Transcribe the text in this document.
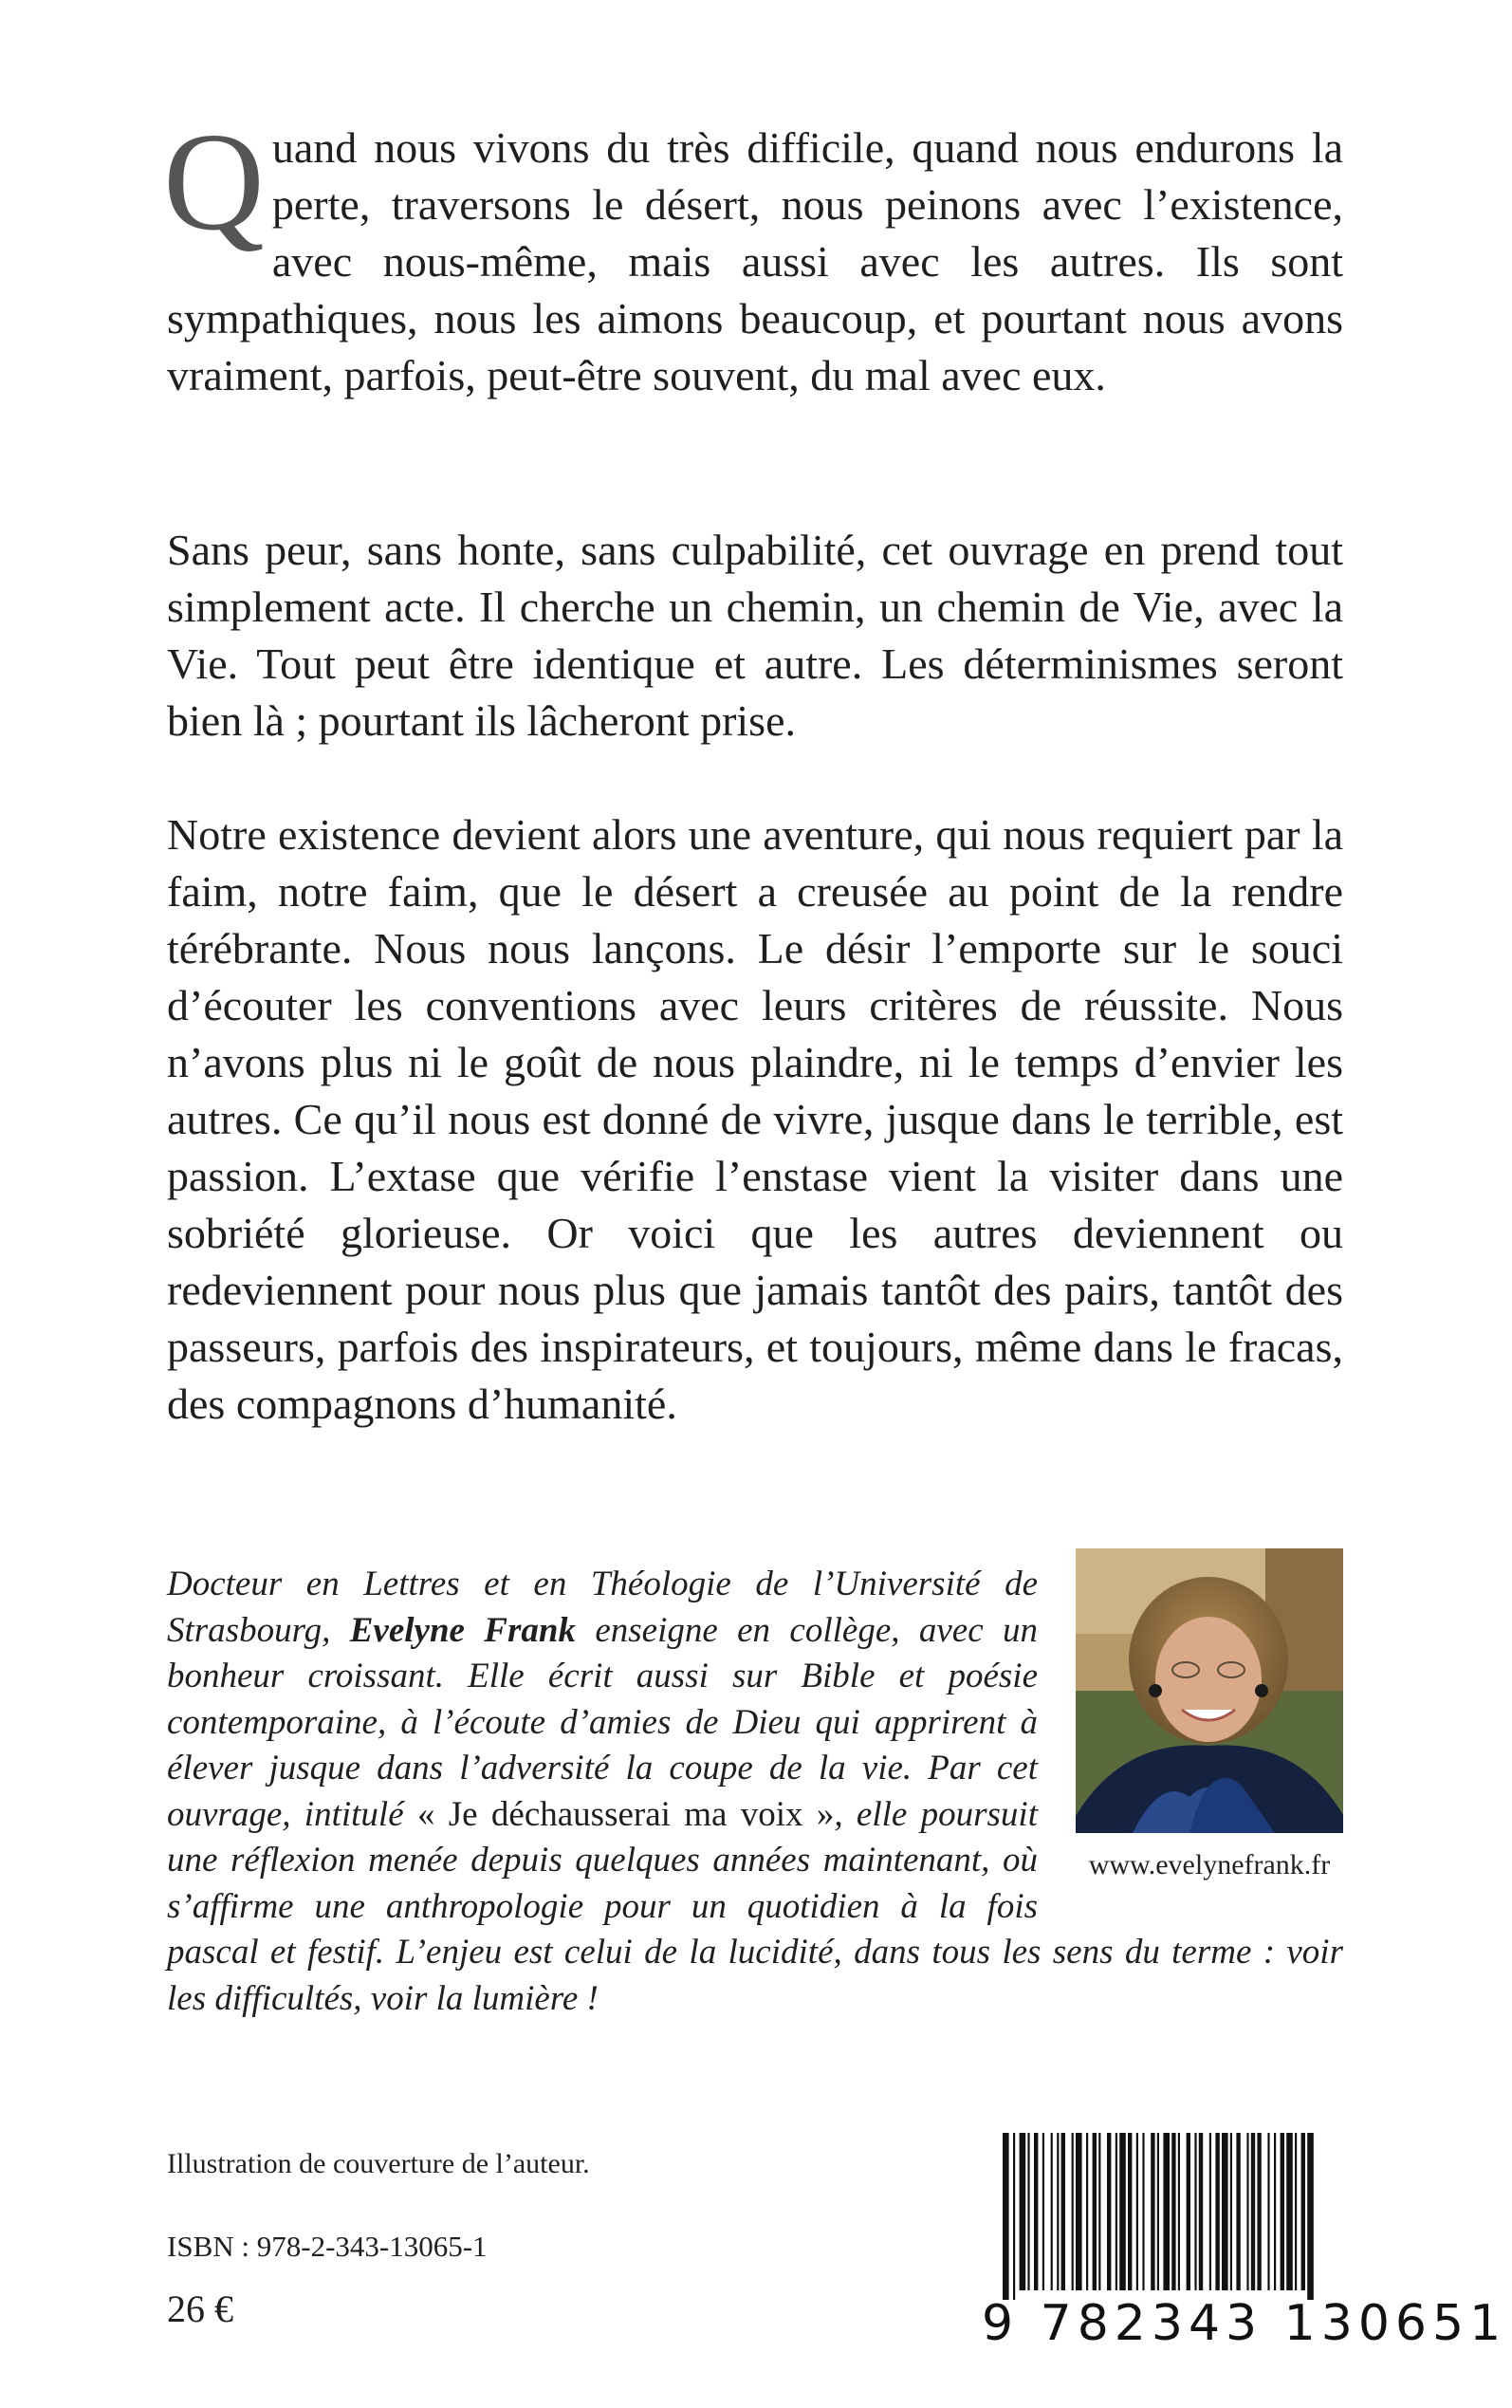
Quand nous vivons du très difficile, quand nous endurons la perte, traversons le désert, nous peinons avec l’existence, avec nous-même, mais aussi avec les autres. Ils sont sympathiques, nous les aimons beaucoup, et pourtant nous avons vraiment, parfois, peut-être souvent, du mal avec eux.

Sans peur, sans honte, sans culpabilité, cet ouvrage en prend tout simplement acte. Il cherche un chemin, un chemin de Vie, avec la Vie. Tout peut être identique et autre. Les déterminismes seront bien là ; pourtant ils lâcheront prise.

Notre existence devient alors une aventure, qui nous requiert par la faim, notre faim, que le désert a creusée au point de la rendre térébrante. Nous nous lançons. Le désir l’emporte sur le souci d’écouter les conventions avec leurs critères de réussite. Nous n’avons plus ni le goût de nous plaindre, ni le temps d’envier les autres. Ce qu’il nous est donné de vivre, jusque dans le terrible, est passion. L’extase que vérifie l’enstase vient la visiter dans une sobriété glorieuse. Or voici que les autres deviennent ou redeviennent pour nous plus que jamais tantôt des pairs, tantôt des passeurs, parfois des inspirateurs, et toujours, même dans le fracas, des compagnons d’humanité.

www.evelynefrank.fr
Docteur en Lettres et en Théologie de l’Université de Strasbourg, Evelyne Frank enseigne en collège, avec un bonheur croissant. Elle écrit aussi sur Bible et poésie contemporaine, à l’écoute d’amies de Dieu qui apprirent à élever jusque dans l’adversité la coupe de la vie. Par cet ouvrage, intitulé « Je déchausserai ma voix », elle poursuit une réflexion menée depuis quelques années maintenant, où s’affirme une anthropologie pour un quotidien à la fois pascal et festif. L’enjeu est celui de la lucidité, dans tous les sens du terme : voir les difficultés, voir la lumière !

Illustration de couverture de l’auteur.
ISBN : 978-2-343-13065-1
26 €	9 782343 130651
